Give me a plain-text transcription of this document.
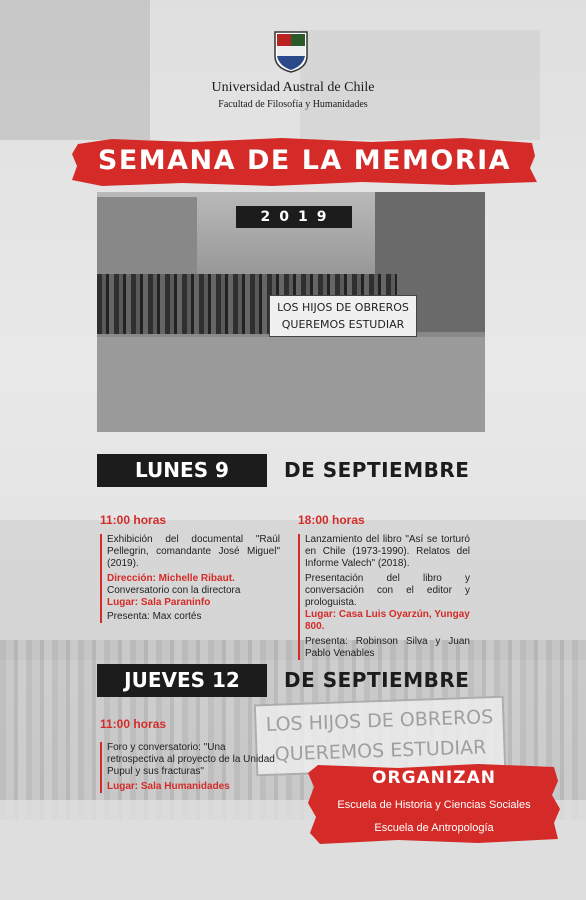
Universidad Austral de Chile
Facultad de Filosofía y Humanidades
SEMANA DE LA MEMORIA
LOS HIJOS DE OBREROS
QUEREMOS ESTUDIAR
2019
LUNES 9	DE SEPTIEMBRE
11:00 horas

Exhibición del documental "Raúl Pellegrin, comandante José Miguel" (2019).

Dirección: Michelle Ribaut.

Conversatorio con la directora

Lugar: Sala Paraninfo

Presenta: Max cortés

18:00 horas

Lanzamiento del libro "Así se torturó en Chile (1973-1990). Relatos del Informe Valech" (2018).

Presentación del libro y conversación con el editor y prologuista.

Lugar: Casa Luis Oyarzún, Yungay 800.

Presenta: Robinson Silva y Juan Pablo Venables

JUEVES 12	DE SEPTIEMBRE
11:00 horas

Foro y conversatorio: "Una retrospectiva al proyecto de la Unidad Pupul y sus fracturas"

Lugar: Sala Humanidades	ORGANIZAN
Escuela de Historia y Ciencias Sociales
Escuela de Antropología
